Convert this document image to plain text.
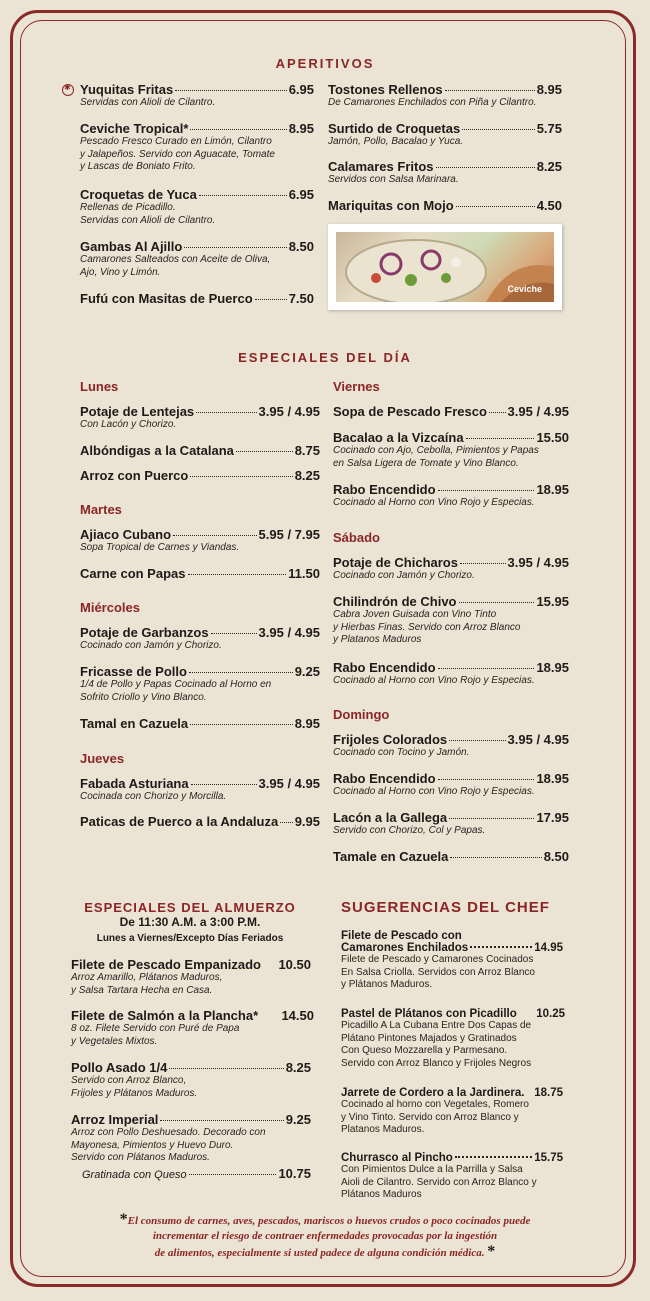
APERITIVOS
✱
Yuquitas Fritas	6.95
Servidas con Alioli de Cilantro.
Ceviche Tropical*	8.95
Pescado Fresco Curado en Limón, Cilantro
y Jalapeños. Servido con Aguacate, Tomate
y Lascas de Boniato Frito.
Croquetas de Yuca	6.95
Rellenas de Picadillo.
Servidas con Alioli de Cilantro.
Gambas Al Ajillo	8.50
Camarones Salteados con Aceite de Oliva,
Ajo, Vino y Limón.
Fufú con Masitas de Puerco	7.50
Tostones Rellenos	8.95
De Camarones Enchilados con Piña y Cilantro.
Surtido de Croquetas	5.75
Jamón, Pollo, Bacalao y Yuca.
Calamares Fritos	8.25
Servidos con Salsa Marinara.
Mariquitas con Mojo	4.50
Ceviche
ESPECIALES DEL DÍA
Lunes
Potaje de Lentejas	3.95 / 4.95
Con Lacón y Chorizo.
Albóndigas a la Catalana	8.75
Arroz con Puerco	8.25
Martes
Ajiaco Cubano	5.95 / 7.95
Sopa Tropical de Carnes y Viandas.
Carne con Papas	11.50
Miércoles
Potaje de Garbanzos	3.95 / 4.95
Cocinado con Jamón y Chorizo.
Fricasse de Pollo	9.25
1/4 de Pollo y Papas Cocinado al Horno en
Sofrito Criollo y Vino Blanco.
Tamal en Cazuela	8.95
Jueves
Fabada Asturiana	3.95 / 4.95
Cocinada con Chorizo y Morcilla.
Paticas de Puerco a la Andaluza 9.95
Viernes
Sopa de Pescado Fresco 3.95 / 4.95
Bacalao a la Vizcaína	15.50
Cocinado con Ajo, Cebolla, Pimientos y Papas
en Salsa Ligera de Tomate y Vino Blanco.
Rabo Encendido	18.95
Cocinado al Horno con Vino Rojo y Especias.
Sábado
Potaje de Chicharos	3.95 / 4.95
Cocinado con Jamón y Chorizo.
Chilindrón de Chivo	15.95
Cabra Joven Guisada con Vino Tinto
y Hierbas Finas. Servido con Arroz Blanco
y Platanos Maduros
Rabo Encendido	18.95
Cocinado al Horno con Vino Rojo y Especias.
Domingo
Frijoles Colorados	3.95 / 4.95
Cocinado con Tocino y Jamón.
Rabo Encendido	18.95
Cocinado al Horno con Vino Rojo y Especias.
Lacón a la Gallega	17.95
Servido con Chorizo, Col y Papas.
Tamale en Cazuela	8.50
ESPECIALES DEL ALMUERZO
De 11:30 A.M. a 3:00 P.M.
Lunes a Viernes/Excepto Días Feriados
Filete de Pescado Empanizado 10.50
Arroz Amarillo, Plátanos Maduros,
y Salsa Tartara Hecha en Casa.
Filete de Salmón a la Plancha* 14.50
8 oz. Filete Servido con Puré de Papa
y Vegetales Mixtos.
Pollo Asado 1/4	8.25
Servido con Arroz Blanco,
Frijoles y Plátanos Maduros.
Arroz Imperial	9.25
Arroz con Pollo Deshuesado. Decorado con
Mayonesa, Pimientos y Huevo Duro.
Servido con Plátanos Maduros.
Gratinada con Queso	10.75
SUGERENCIAS DEL CHEF
Filete de Pescado con
Camarones Enchilados	14.95
Filete de Pescado y Camarones Cocinados
En Salsa Criolla. Servidos con Arroz Blanco
y Plátanos Maduros.
Pastel de Plátanos con Picadillo 10.25
Picadillo A La Cubana Entre Dos Capas de
Plátano Pintones Majados y Gratinados
Con Queso Mozzarella y Parmesano.
Servido con Arroz Blanco y Frijoles Negros
Jarrete de Cordero a la Jardinera. 18.75
Cocinado al horno con Vegetales, Romero
y Vino Tinto. Servido con Arroz Blanco y
Platanos Maduros.
Churrasco al Pincho	15.75
Con Pimientos Dulce a la Parrilla y Salsa
Aioli de Cilantro. Servido con Arroz Blanco y
Plátanos Maduros
*El consumo de carnes, aves, pescados, mariscos o huevos crudos o poco cocinados puede
incrementar el riesgo de contraer enfermedades provocadas por la ingestión
de alimentos, especialmente si usted padece de alguna condición médica. *
